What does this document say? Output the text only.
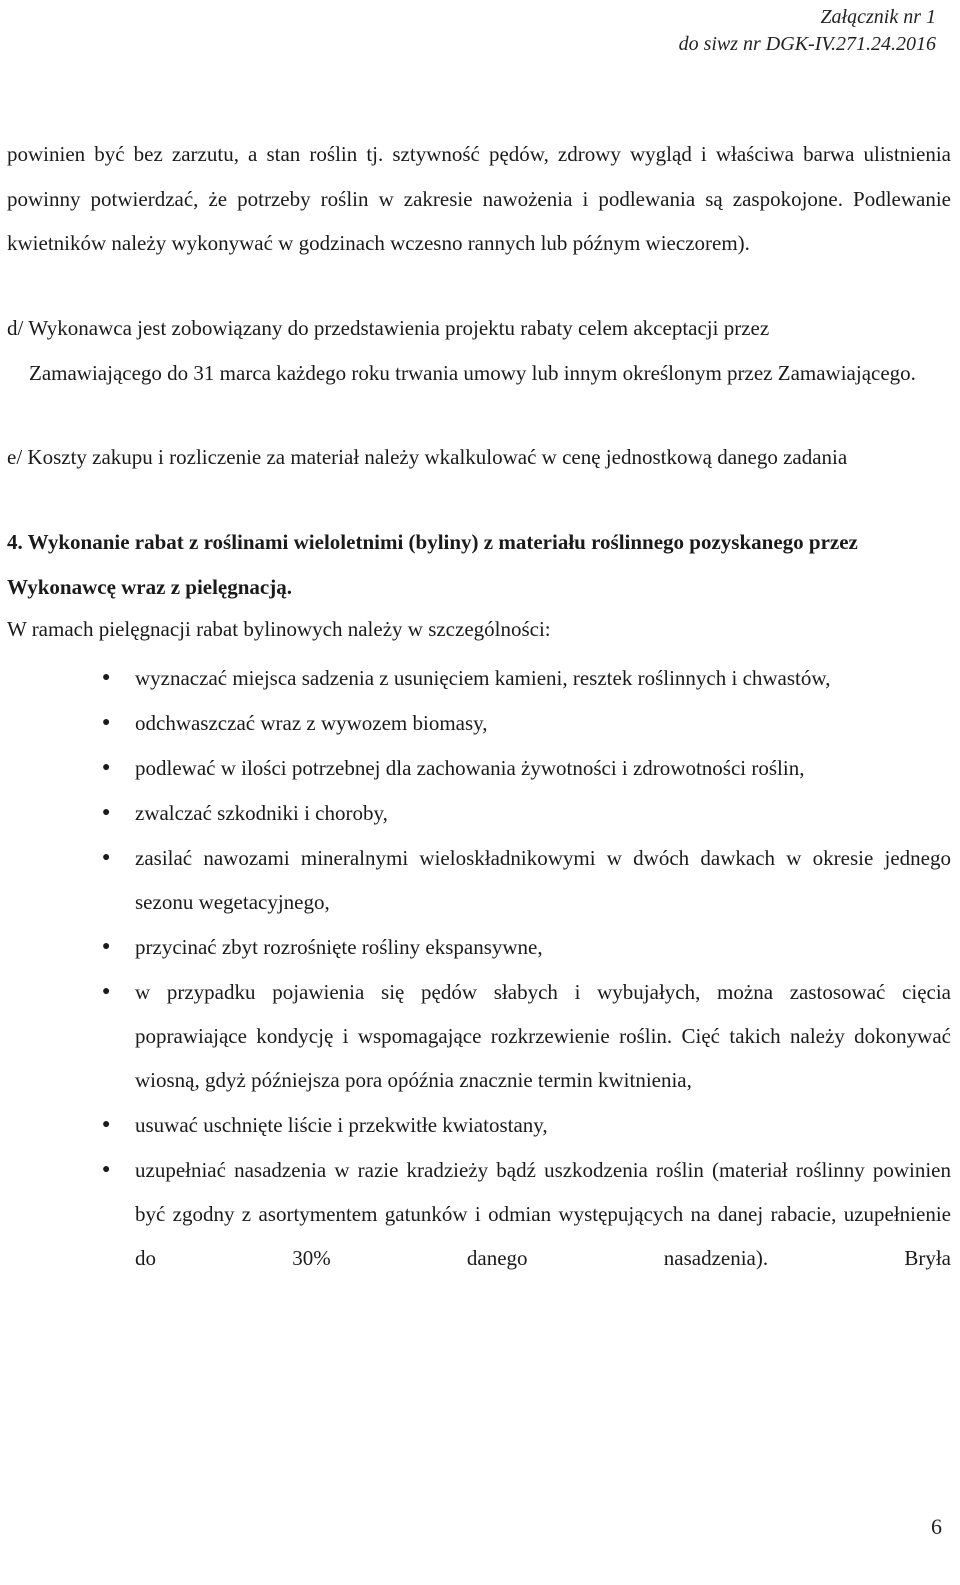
Załącznik nr 1
do siwz nr DGK-IV.271.24.2016

powinien być bez zarzutu, a stan roślin tj. sztywność pędów, zdrowy wygląd i właściwa barwa ulistnienia powinny potwierdzać, że potrzeby roślin w zakresie nawożenia i podlewania są zaspokojone. Podlewanie kwietników należy wykonywać w godzinach wczesno rannych lub późnym wieczorem).

d/ Wykonawca jest zobowiązany do przedstawienia projektu rabaty celem akceptacji przez
Zamawiającego do 31 marca każdego roku trwania umowy lub innym określonym przez Zamawiającego.

e/ Koszty zakupu i rozliczenie za materiał należy wkalkulować w cenę jednostkową danego zadania

4. Wykonanie rabat z roślinami wieloletnimi (byliny) z materiału roślinnego pozyskanego przez Wykonawcę wraz z pielęgnacją.

W ramach pielęgnacji rabat bylinowych należy w szczególności:

● wyznaczać miejsca sadzenia z usunięciem kamieni, resztek roślinnych i chwastów,
● odchwaszczać wraz z wywozem biomasy,
● podlewać w ilości potrzebnej dla zachowania żywotności i zdrowotności roślin,
● zwalczać szkodniki i choroby,
● zasilać nawozami mineralnymi wieloskładnikowymi w dwóch dawkach w okresie jednego sezonu wegetacyjnego,
● przycinać zbyt rozrośnięte rośliny ekspansywne,
● w przypadku pojawienia się pędów słabych i wybujałych, można zastosować cięcia poprawiające kondycję i wspomagające rozkrzewienie roślin. Cięć takich należy dokonywać wiosną, gdyż późniejsza pora opóźnia znacznie termin kwitnienia,
● usuwać uschnięte liście i przekwitłe kwiatostany,
● uzupełniać nasadzenia w razie kradzieży bądź uszkodzenia roślin (materiał roślinny powinien być zgodny z asortymentem gatunków i odmian występujących na danej rabacie, uzupełnienie do 30% danego nasadzenia). Bryła
6
